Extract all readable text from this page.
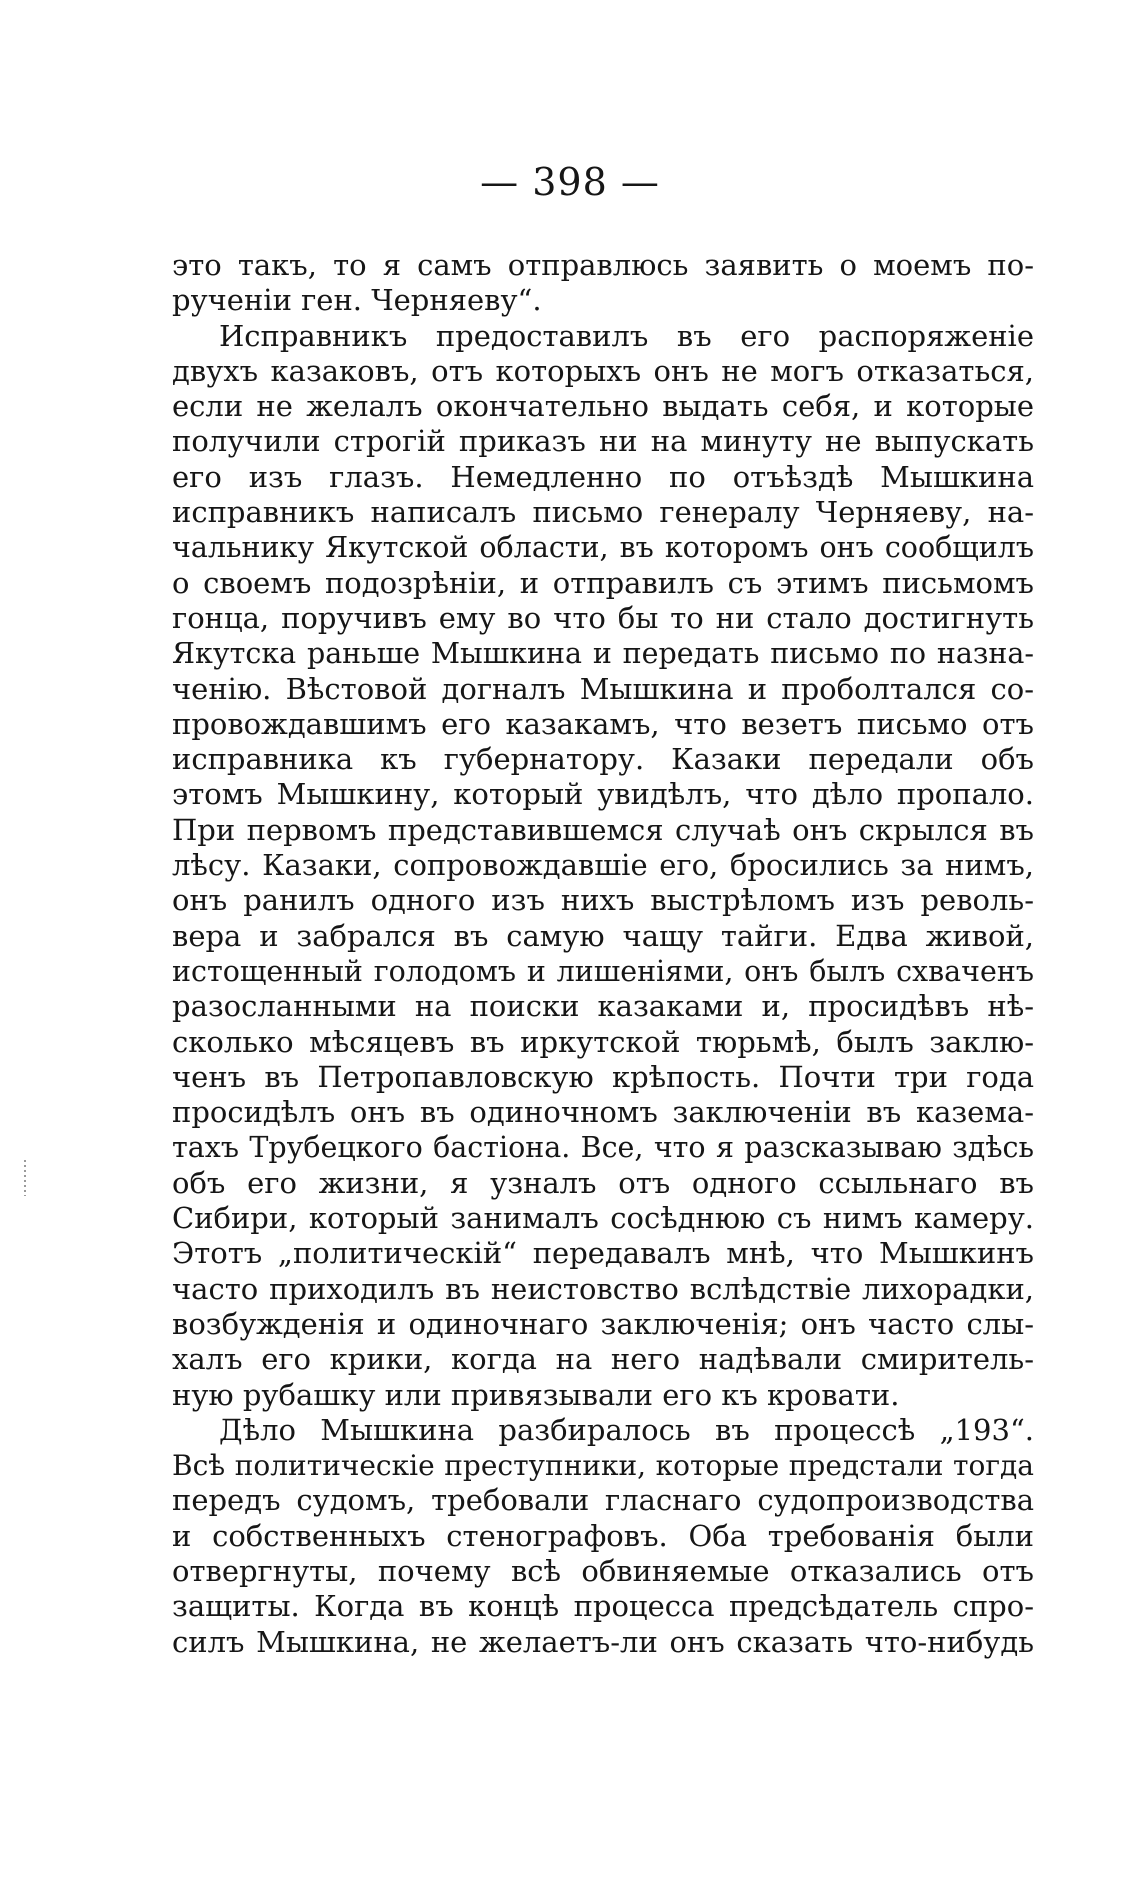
— 398 —
это такъ, то я самъ отправлюсь заявить о моемъ по-
рученіи ген. Черняеву“.
Исправникъ предоставилъ въ его распоряженіе
двухъ казаковъ, отъ которыхъ онъ не могъ отказаться,
если не желалъ окончательно выдать себя, и которые
получили строгій приказъ ни на минуту не выпускать
его изъ глазъ. Немедленно по отъѣздѣ Мышкина
исправникъ написалъ письмо генералу Черняеву, на-
чальнику Якутской области, въ которомъ онъ сообщилъ
о своемъ подозрѣніи, и отправилъ съ этимъ письмомъ
гонца, поручивъ ему во что бы то ни стало достигнуть
Якутска раньше Мышкина и передать письмо по назна-
ченію. Вѣстовой догналъ Мышкина и проболтался со-
провождавшимъ его казакамъ, что везетъ письмо отъ
исправника къ губернатору. Казаки передали объ
этомъ Мышкину, который увидѣлъ, что дѣло пропало.
При первомъ представившемся случаѣ онъ скрылся въ
лѣсу. Казаки, сопровождавшіе его, бросились за нимъ,
онъ ранилъ одного изъ нихъ выстрѣломъ изъ револь-
вера и забрался въ самую чащу тайги. Едва живой,
истощенный голодомъ и лишеніями, онъ былъ схваченъ
разосланными на поиски казаками и, просидѣвъ нѣ-
сколько мѣсяцевъ въ иркутской тюрьмѣ, былъ заклю-
ченъ въ Петропавловскую крѣпость. Почти три года
просидѣлъ онъ въ одиночномъ заключеніи въ казема-
тахъ Трубецкого бастіона. Все, что я разсказываю здѣсь
объ его жизни, я узналъ отъ одного ссыльнаго въ
Сибири, который занималъ сосѣднюю съ нимъ камеру.
Этотъ „политическій“ передавалъ мнѣ, что Мышкинъ
часто приходилъ въ неистовство вслѣдствіе лихорадки,
возбужденія и одиночнаго заключенія; онъ часто слы-
халъ его крики, когда на него надѣвали смиритель-
ную рубашку или привязывали его къ кровати.
Дѣло Мышкина разбиралось въ процессѣ „193“.
Всѣ политическіе преступники, которые предстали тогда
передъ судомъ, требовали гласнаго судопроизводства
и собственныхъ стенографовъ. Оба требованія были
отвергнуты, почему всѣ обвиняемые отказались отъ
защиты. Когда въ концѣ процесса предсѣдатель спро-
силъ Мышкина, не желаетъ-ли онъ сказать что-нибудь
